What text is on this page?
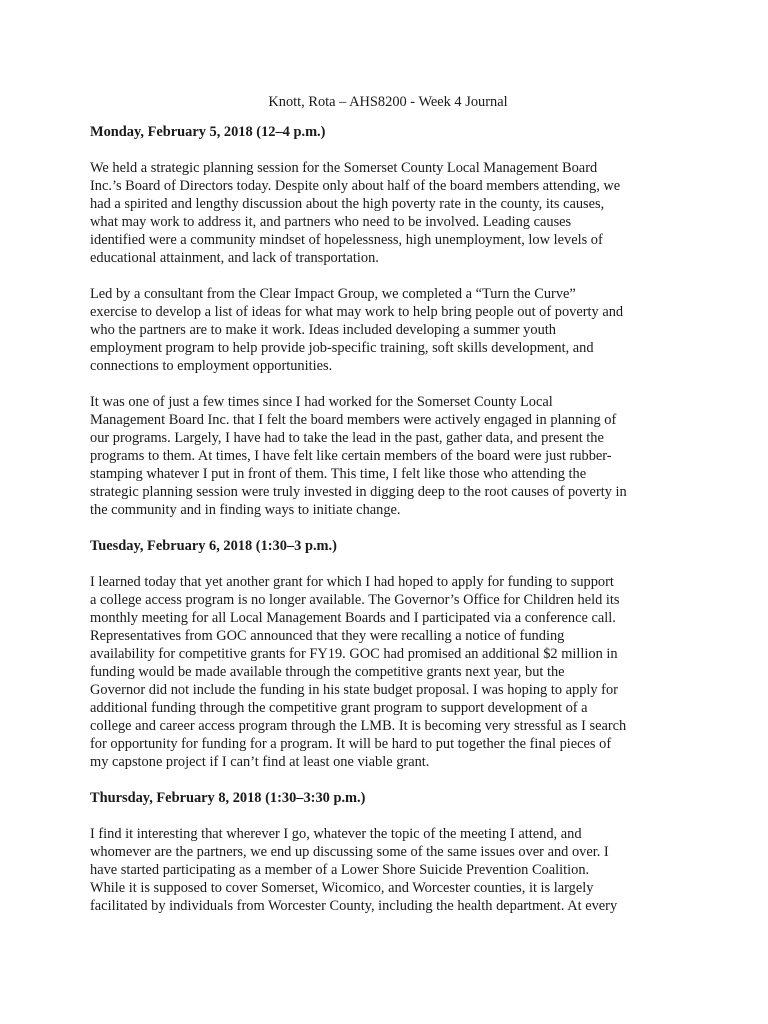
Knott, Rota – AHS8200 - Week 4 Journal
Monday, February 5, 2018 (12–4 p.m.)
We held a strategic planning session for the Somerset County Local Management Board
Inc.’s Board of Directors today. Despite only about half of the board members attending, we
had a spirited and lengthy discussion about the high poverty rate in the county, its causes,
what may work to address it, and partners who need to be involved. Leading causes
identified were a community mindset of hopelessness, high unemployment, low levels of
educational attainment, and lack of transportation.
Led by a consultant from the Clear Impact Group, we completed a “Turn the Curve”
exercise to develop a list of ideas for what may work to help bring people out of poverty and
who the partners are to make it work. Ideas included developing a summer youth
employment program to help provide job-specific training, soft skills development, and
connections to employment opportunities.
It was one of just a few times since I had worked for the Somerset County Local
Management Board Inc. that I felt the board members were actively engaged in planning of
our programs. Largely, I have had to take the lead in the past, gather data, and present the
programs to them. At times, I have felt like certain members of the board were just rubber-
stamping whatever I put in front of them. This time, I felt like those who attending the
strategic planning session were truly invested in digging deep to the root causes of poverty in
the community and in finding ways to initiate change.
Tuesday, February 6, 2018 (1:30–3 p.m.)
I learned today that yet another grant for which I had hoped to apply for funding to support
a college access program is no longer available. The Governor’s Office for Children held its
monthly meeting for all Local Management Boards and I participated via a conference call.
Representatives from GOC announced that they were recalling a notice of funding
availability for competitive grants for FY19. GOC had promised an additional $2 million in
funding would be made available through the competitive grants next year, but the
Governor did not include the funding in his state budget proposal. I was hoping to apply for
additional funding through the competitive grant program to support development of a
college and career access program through the LMB. It is becoming very stressful as I search
for opportunity for funding for a program. It will be hard to put together the final pieces of
my capstone project if I can’t find at least one viable grant.
Thursday, February 8, 2018 (1:30–3:30 p.m.)
I find it interesting that wherever I go, whatever the topic of the meeting I attend, and
whomever are the partners, we end up discussing some of the same issues over and over. I
have started participating as a member of a Lower Shore Suicide Prevention Coalition.
While it is supposed to cover Somerset, Wicomico, and Worcester counties, it is largely
facilitated by individuals from Worcester County, including the health department. At every
